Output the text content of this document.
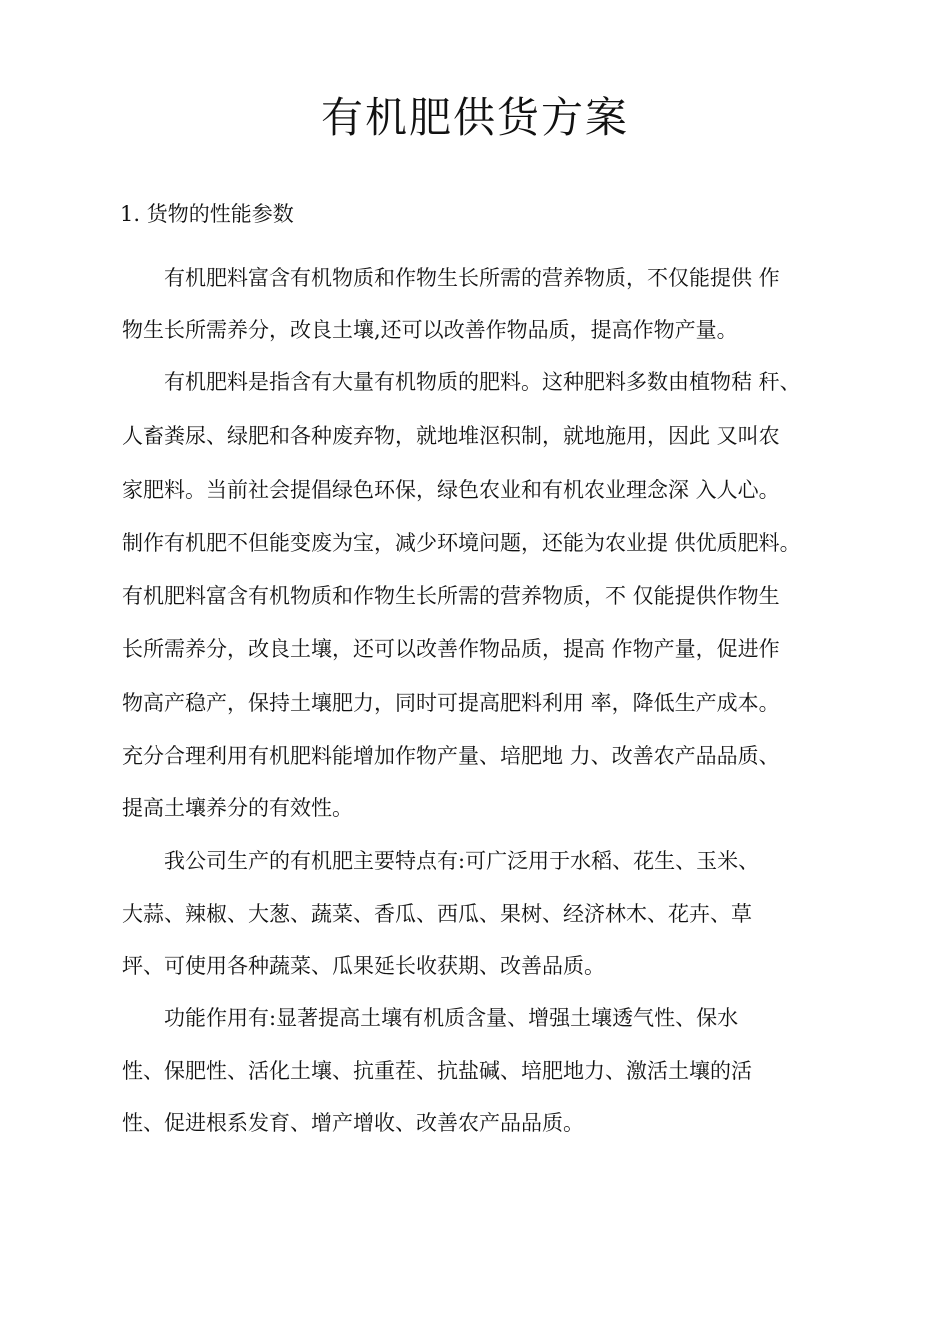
有机肥供货方案
1. 货物的性能参数

有机肥料富含有机物质和作物生长所需的营养物质，不仅能提供 作

物生长所需养分，改良土壤,还可以改善作物品质，提高作物产量。

有机肥料是指含有大量有机物质的肥料。这种肥料多数由植物秸 秆、

人畜粪尿、绿肥和各种废弃物，就地堆沤积制，就地施用，因此 又叫农

家肥料。当前社会提倡绿色环保，绿色农业和有机农业理念深 入人心。

制作有机肥不但能变废为宝，减少环境问题，还能为农业提 供优质肥料。

有机肥料富含有机物质和作物生长所需的营养物质，不 仅能提供作物生

长所需养分，改良土壤，还可以改善作物品质，提高 作物产量，促进作

物高产稳产，保持土壤肥力，同时可提高肥料利用 率，降低生产成本。

充分合理利用有机肥料能增加作物产量、培肥地 力、改善农产品品质、

提高土壤养分的有效性。

我公司生产的有机肥主要特点有:可广泛用于水稻、花生、玉米、

大蒜、辣椒、大葱、蔬菜、香瓜、西瓜、果树、经济林木、花卉、草

坪、可使用各种蔬菜、瓜果延长收获期、改善品质。

功能作用有:显著提高土壤有机质含量、增强土壤透气性、保水

性、保肥性、活化土壤、抗重茬、抗盐碱、培肥地力、激活土壤的活

性、促进根系发育、增产增收、改善农产品品质。
